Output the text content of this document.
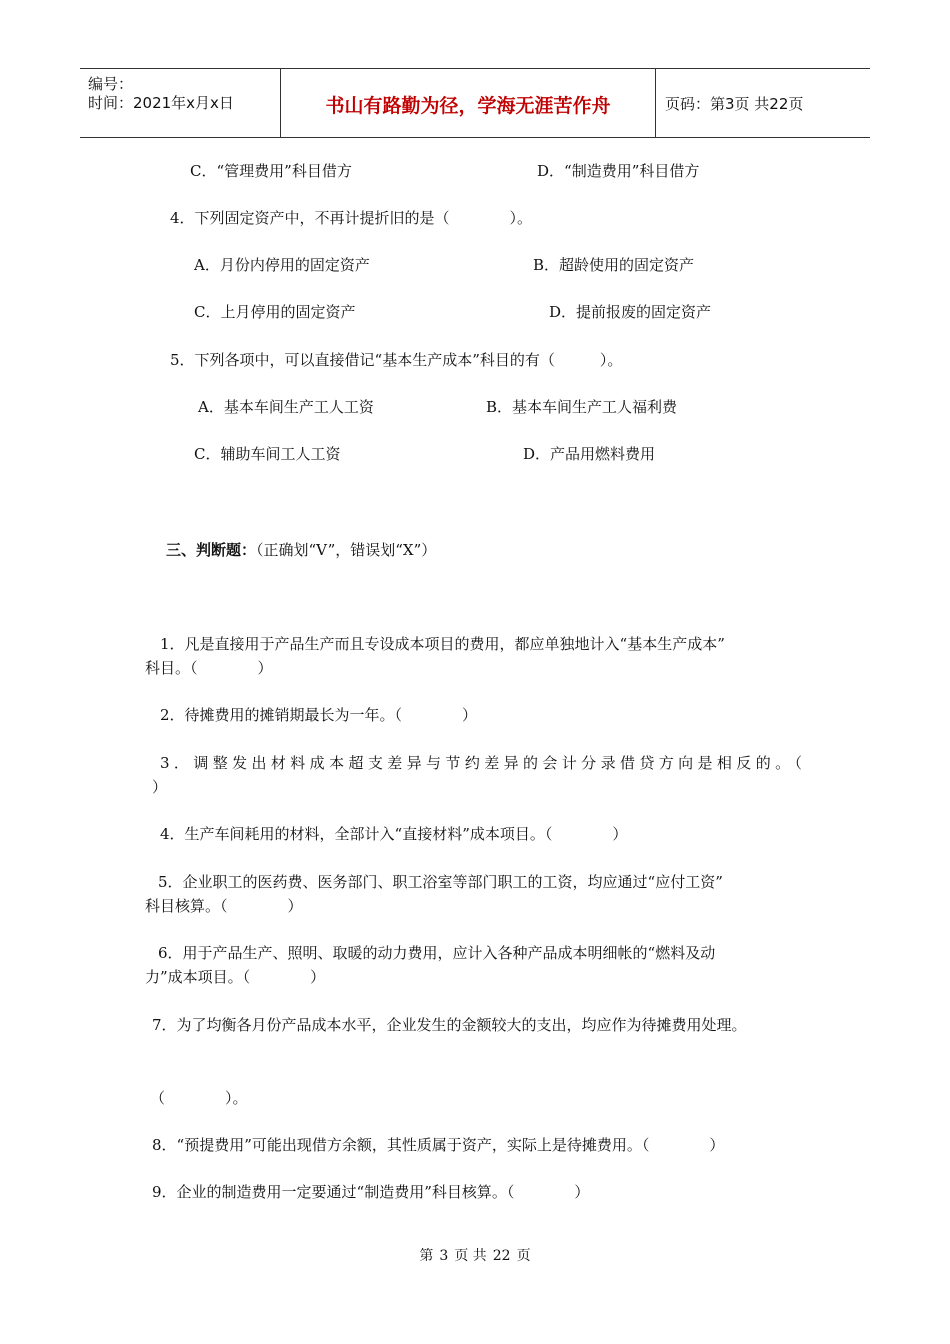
编号：
时间：2021年x月x日	书山有路勤为径，学海无涯苦作舟	页码：第3页 共22页
C．“管理费用”科目借方	D．“制造费用”科目借方
4．下列固定资产中，不再计提折旧的是（　　　　）。
A．月份内停用的固定资产	B．超龄使用的固定资产
C．上月停用的固定资产	D．提前报废的固定资产
5．下列各项中，可以直接借记“基本生产成本”科目的有（　　　）。
A．基本车间生产工人工资	B．基本车间生产工人福利费
C．辅助车间工人工资	D．产品用燃料费用
三、判断题：（正确划“V”，错误划“X”）
1．凡是直接用于产品生产而且专设成本项目的费用，都应单独地计入“基本生产成本”
科目。（　　　　）
2．待摊费用的摊销期最长为一年。（　　　　）
3．调整发出材料成本超支差异与节约差异的会计分录借贷方向是相反的。（
）
4．生产车间耗用的材料，全部计入“直接材料”成本项目。（　　　　）
5．企业职工的医药费、医务部门、职工浴室等部门职工的工资，均应通过“应付工资”
科目核算。（　　　　）
6．用于产品生产、照明、取暖的动力费用，应计入各种产品成本明细帐的“燃料及动
力”成本项目。（　　　　）
7．为了均衡各月份产品成本水平，企业发生的金额较大的支出，均应作为待摊费用处理。
（　　　　）。
8．“预提费用”可能出现借方余额，其性质属于资产，实际上是待摊费用。（　　　　）
9．企业的制造费用一定要通过“制造费用”科目核算。（　　　　）
第 3 页 共 22 页
